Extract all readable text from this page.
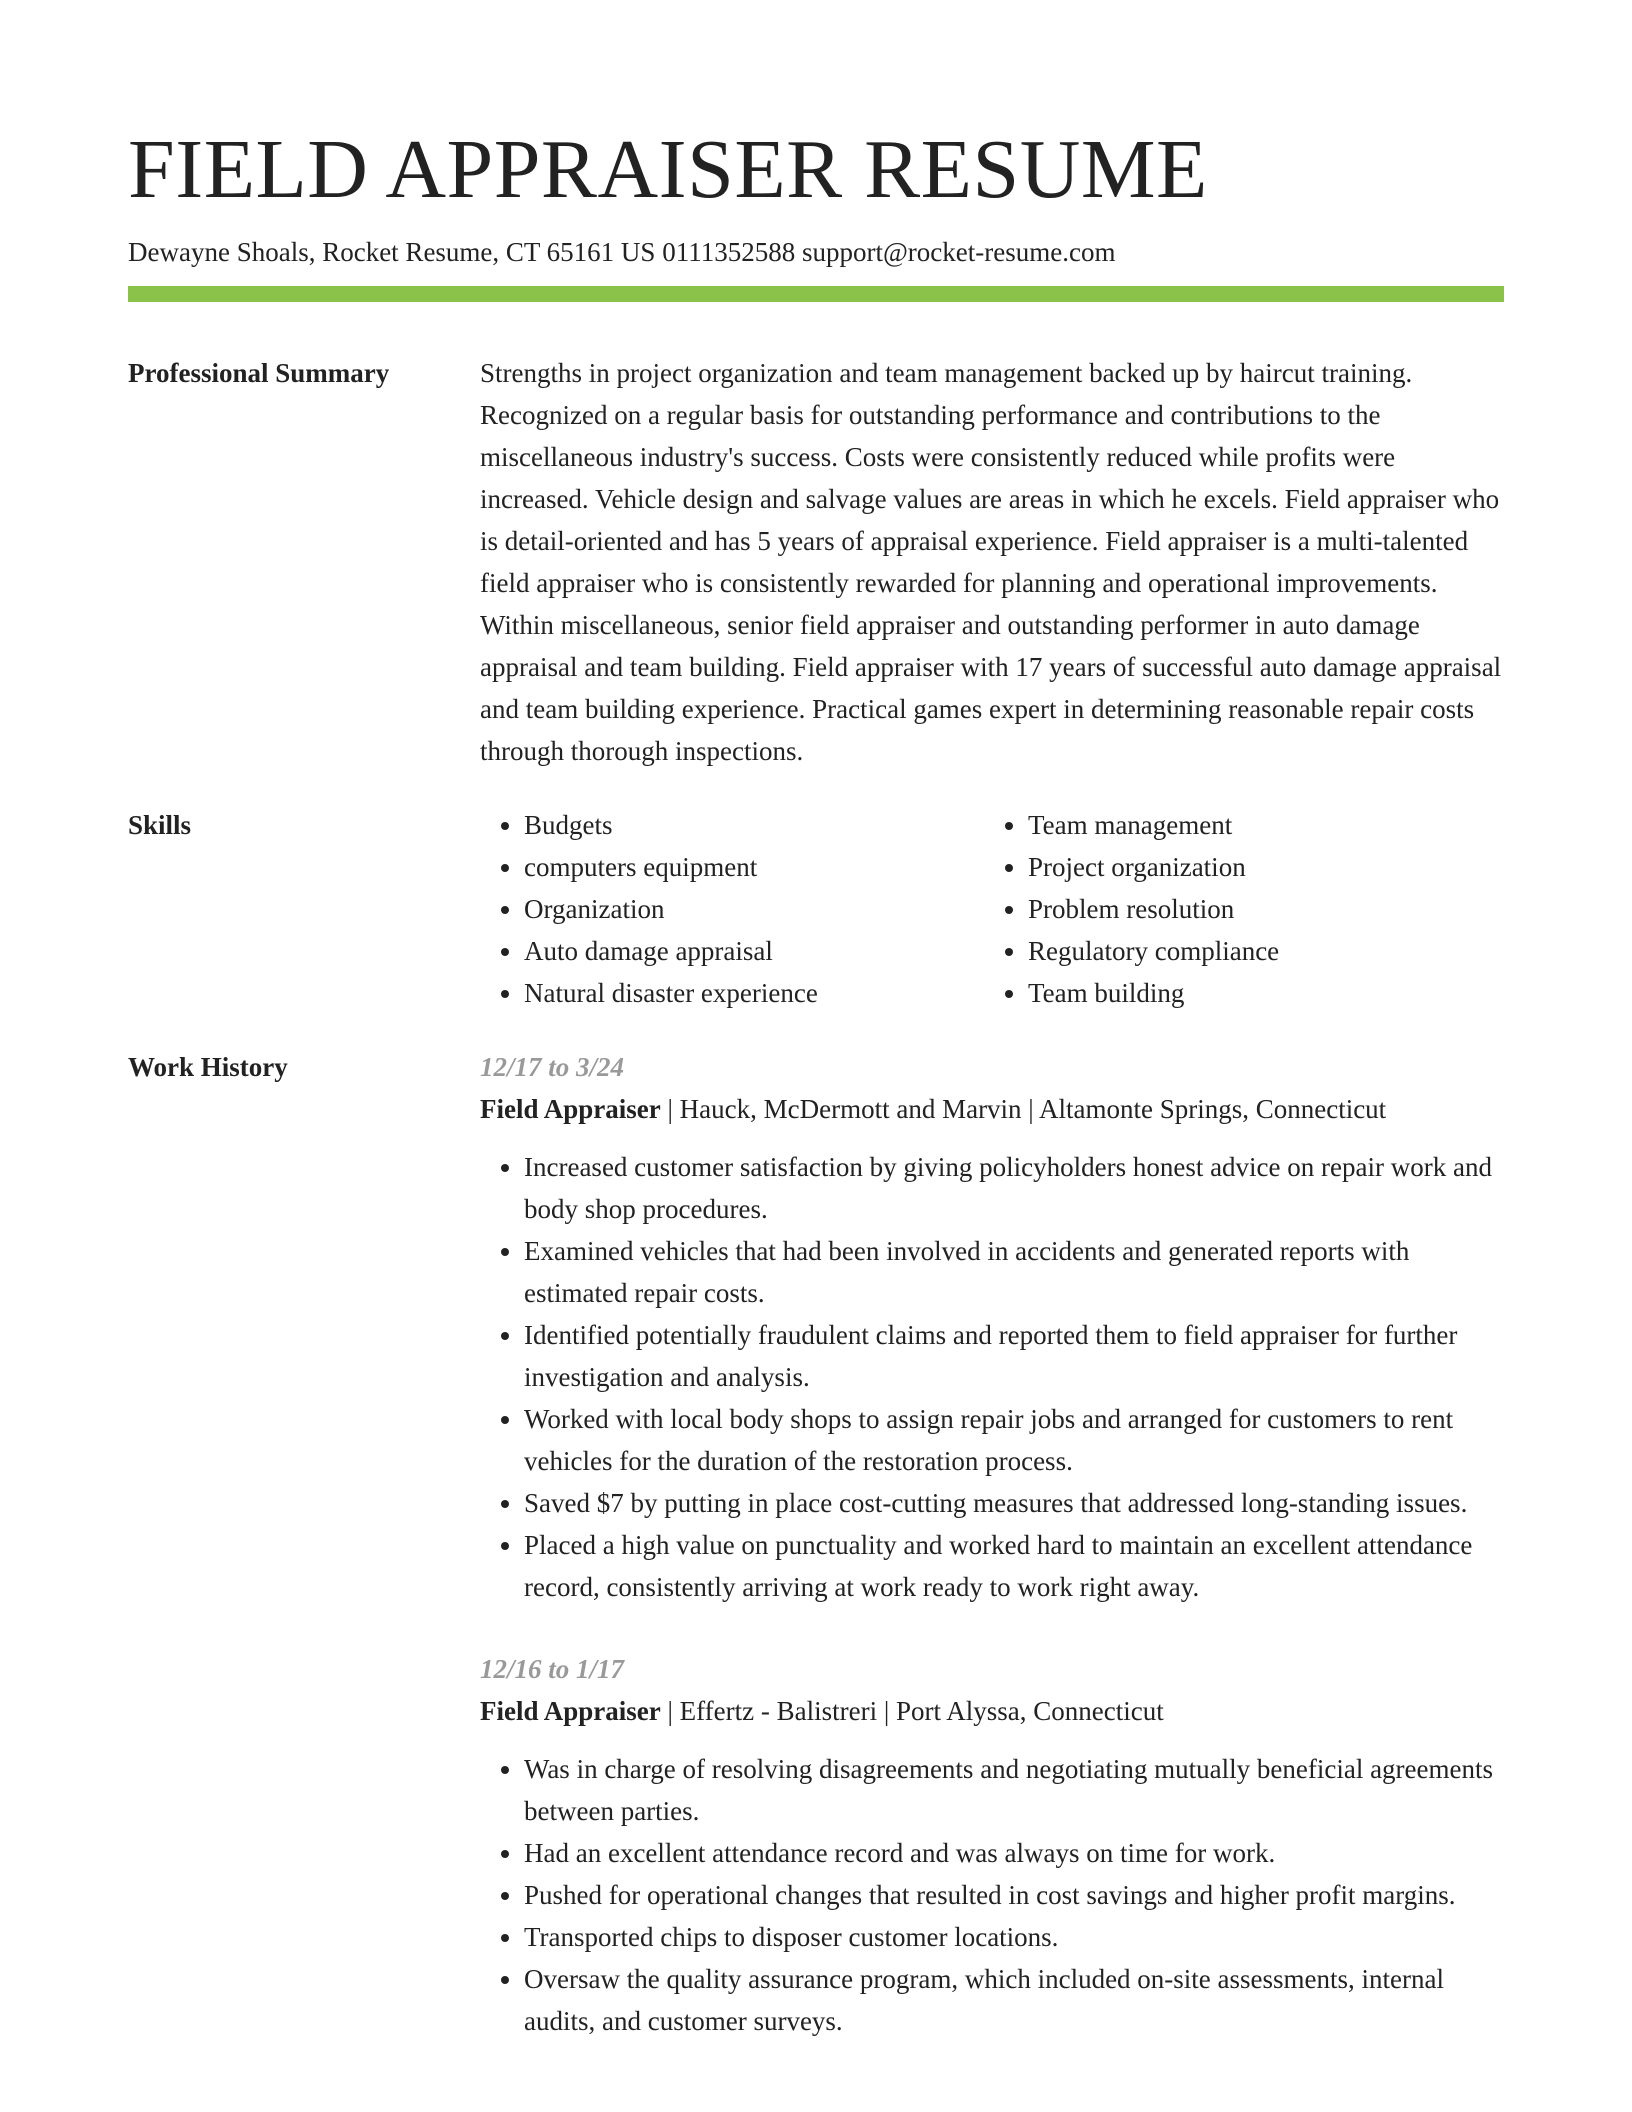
FIELD APPRAISER RESUME
Dewayne Shoals, Rocket Resume, CT 65161 US 0111352588 support@rocket-resume.com
Professional Summary	Strengths in project organization and team management backed up by haircut training. Recognized on a regular basis for outstanding performance and contributions to the miscellaneous industry's success. Costs were consistently reduced while profits were increased. Vehicle design and salvage values are areas in which he excels. Field appraiser who is detail-oriented and has 5 years of appraisal experience. Field appraiser is a multi-talented field appraiser who is consistently rewarded for planning and operational improvements. Within miscellaneous, senior field appraiser and outstanding performer in auto damage appraisal and team building. Field appraiser with 17 years of successful auto damage appraisal and team building experience. Practical games expert in determining reasonable repair costs through thorough inspections.
Skills
•	Budgets
• computers equipment
• Organization
• Auto damage appraisal
• Natural disaster experience
• Team management
• Project organization
• Problem resolution
• Regulatory compliance
• Team building
Work History	12/17 to 3/24
Field Appraiser | Hauck, McDermott and Marvin | Altamonte Springs, Connecticut
• Increased customer satisfaction by giving policyholders honest advice on repair work and body shop procedures.
• Examined vehicles that had been involved in accidents and generated reports with estimated repair costs.
• Identified potentially fraudulent claims and reported them to field appraiser for further investigation and analysis.
• Worked with local body shops to assign repair jobs and arranged for customers to rent vehicles for the duration of the restoration process.
• Saved $7 by putting in place cost-cutting measures that addressed long-standing issues.
• Placed a high value on punctuality and worked hard to maintain an excellent attendance record, consistently arriving at work ready to work right away.
12/16 to 1/17
Field Appraiser | Effertz - Balistreri | Port Alyssa, Connecticut
• Was in charge of resolving disagreements and negotiating mutually beneficial agreements between parties.
• Had an excellent attendance record and was always on time for work.
• Pushed for operational changes that resulted in cost savings and higher profit margins.
• Transported chips to disposer customer locations.
• Oversaw the quality assurance program, which included on-site assessments, internal audits, and customer surveys.
